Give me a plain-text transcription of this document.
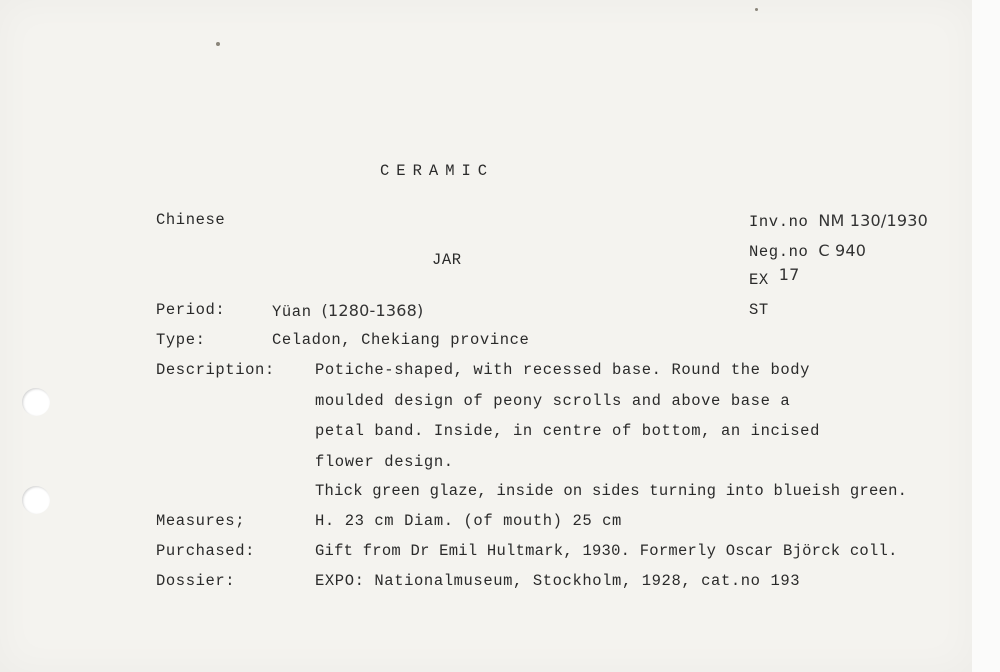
CERAMIC
Chinese
JAR
Inv.no NM 130/1930
Neg.no C 940
EX 17
ST
Period:	Yüan (1280-1368)
Type:	Celadon, Chekiang province
Description:	Potiche-shaped, with recessed base. Round the body
moulded design of peony scrolls and above base a
petal band. Inside, in centre of bottom, an incised
flower design.
Thick green glaze, inside on sides turning into blueish green.
Measures;	H. 23 cm Diam. (of mouth) 25 cm
Purchased:	Gift from Dr Emil Hultmark, 1930. Formerly Oscar Björck coll.
Dossier:	EXPO: Nationalmuseum, Stockholm, 1928, cat.no 193
